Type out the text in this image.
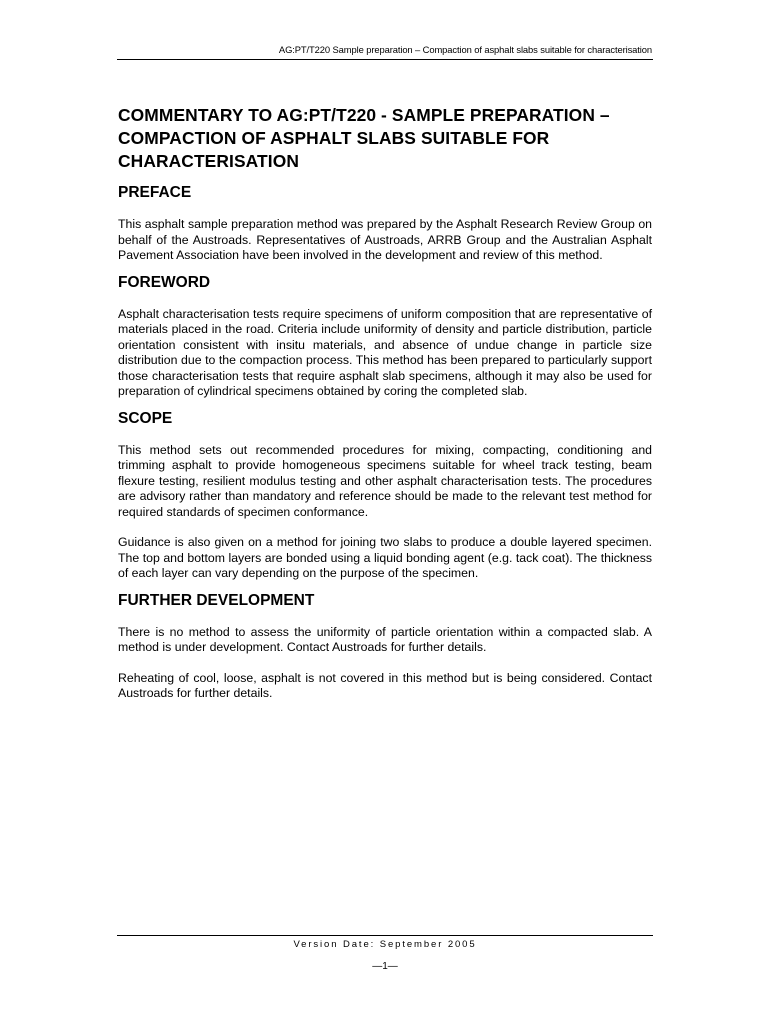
AG:PT/T220 Sample preparation – Compaction of asphalt slabs suitable for characterisation
COMMENTARY TO AG:PT/T220 - SAMPLE PREPARATION – COMPACTION OF ASPHALT SLABS SUITABLE FOR CHARACTERISATION
PREFACE

This asphalt sample preparation method was prepared by the Asphalt Research Review Group on behalf of the Austroads. Representatives of Austroads, ARRB Group and the Australian Asphalt Pavement Association have been involved in the development and review of this method.

FOREWORD

Asphalt characterisation tests require specimens of uniform composition that are representative of materials placed in the road. Criteria include uniformity of density and particle distribution, particle orientation consistent with insitu materials, and absence of undue change in particle size distribution due to the compaction process. This method has been prepared to particularly support those characterisation tests that require asphalt slab specimens, although it may also be used for preparation of cylindrical specimens obtained by coring the completed slab.

SCOPE

This method sets out recommended procedures for mixing, compacting, conditioning and trimming asphalt to provide homogeneous specimens suitable for wheel track testing, beam flexure testing, resilient modulus testing and other asphalt characterisation tests. The procedures are advisory rather than mandatory and reference should be made to the relevant test method for required standards of specimen conformance.

Guidance is also given on a method for joining two slabs to produce a double layered specimen. The top and bottom layers are bonded using a liquid bonding agent (e.g. tack coat). The thickness of each layer can vary depending on the purpose of the specimen.

FURTHER DEVELOPMENT

There is no method to assess the uniformity of particle orientation within a compacted slab. A method is under development. Contact Austroads for further details.

Reheating of cool, loose, asphalt is not covered in this method but is being considered. Contact Austroads for further details.

Version Date: September 2005
—1—
